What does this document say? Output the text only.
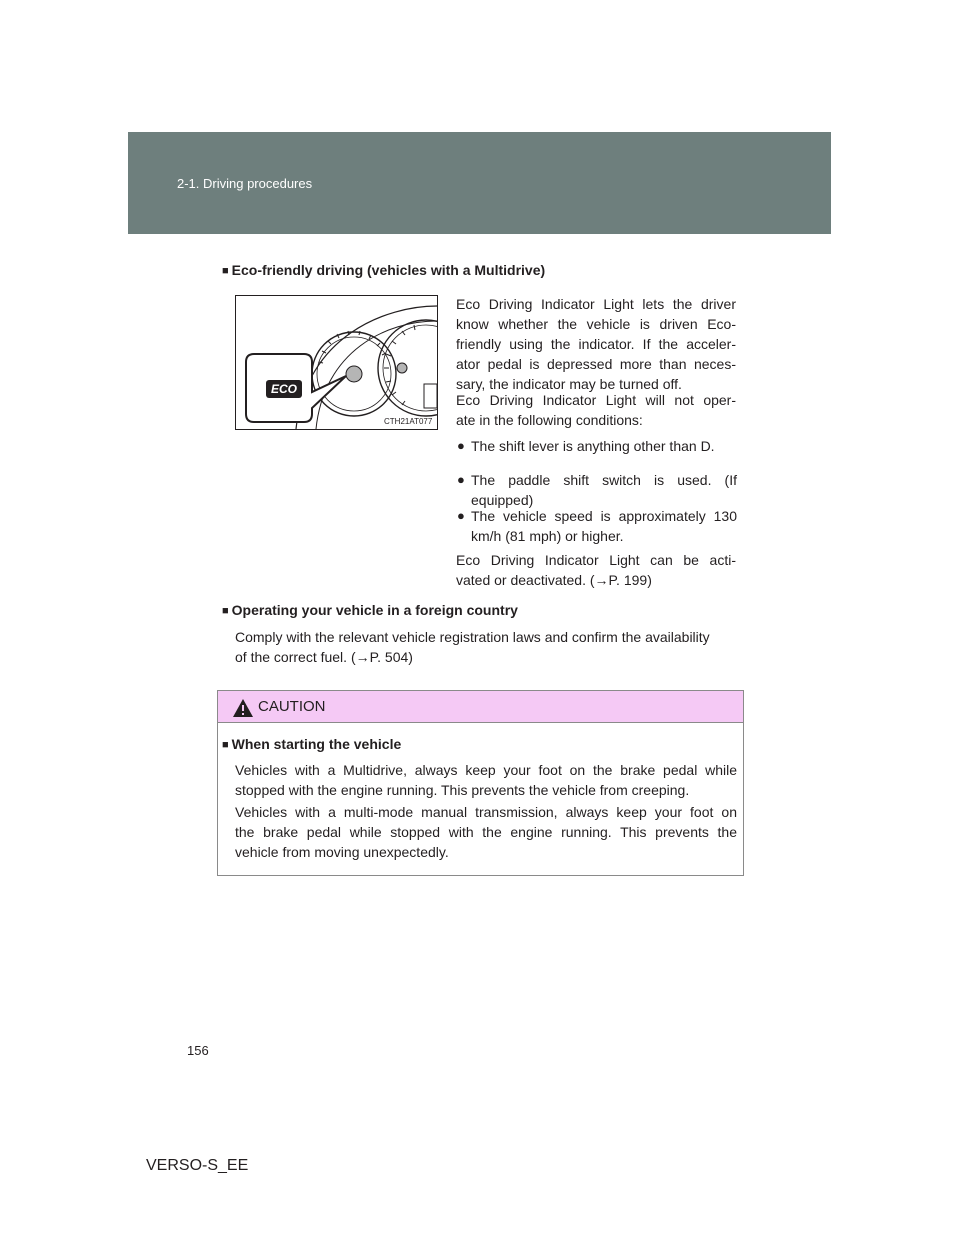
2-1. Driving procedures
■ Eco-friendly driving (vehicles with a Multidrive)
ECO
CTH21AT077
Eco Driving Indicator Light lets the driver
know whether the vehicle is driven Eco-
friendly using the indicator. If the acceler-
ator pedal is depressed more than neces-
sary, the indicator may be turned off.
Eco Driving Indicator Light will not oper-
ate in the following conditions:
● The shift lever is anything other than D.
● The paddle shift switch is used. (If
equipped)
● The vehicle speed is approximately 130
km/h (81 mph) or higher.
Eco Driving Indicator Light can be acti-
vated or deactivated. (→P. 199)
■ Operating your vehicle in a foreign country
Comply with the relevant vehicle registration laws and confirm the availability
of the correct fuel. (→P. 504)
CAUTION
■ When starting the vehicle
Vehicles with a Multidrive, always keep your foot on the brake pedal while
stopped with the engine running. This prevents the vehicle from creeping.
Vehicles with a multi-mode manual transmission, always keep your foot on
the brake pedal while stopped with the engine running. This prevents the
vehicle from moving unexpectedly.
156
VERSO-S_EE
